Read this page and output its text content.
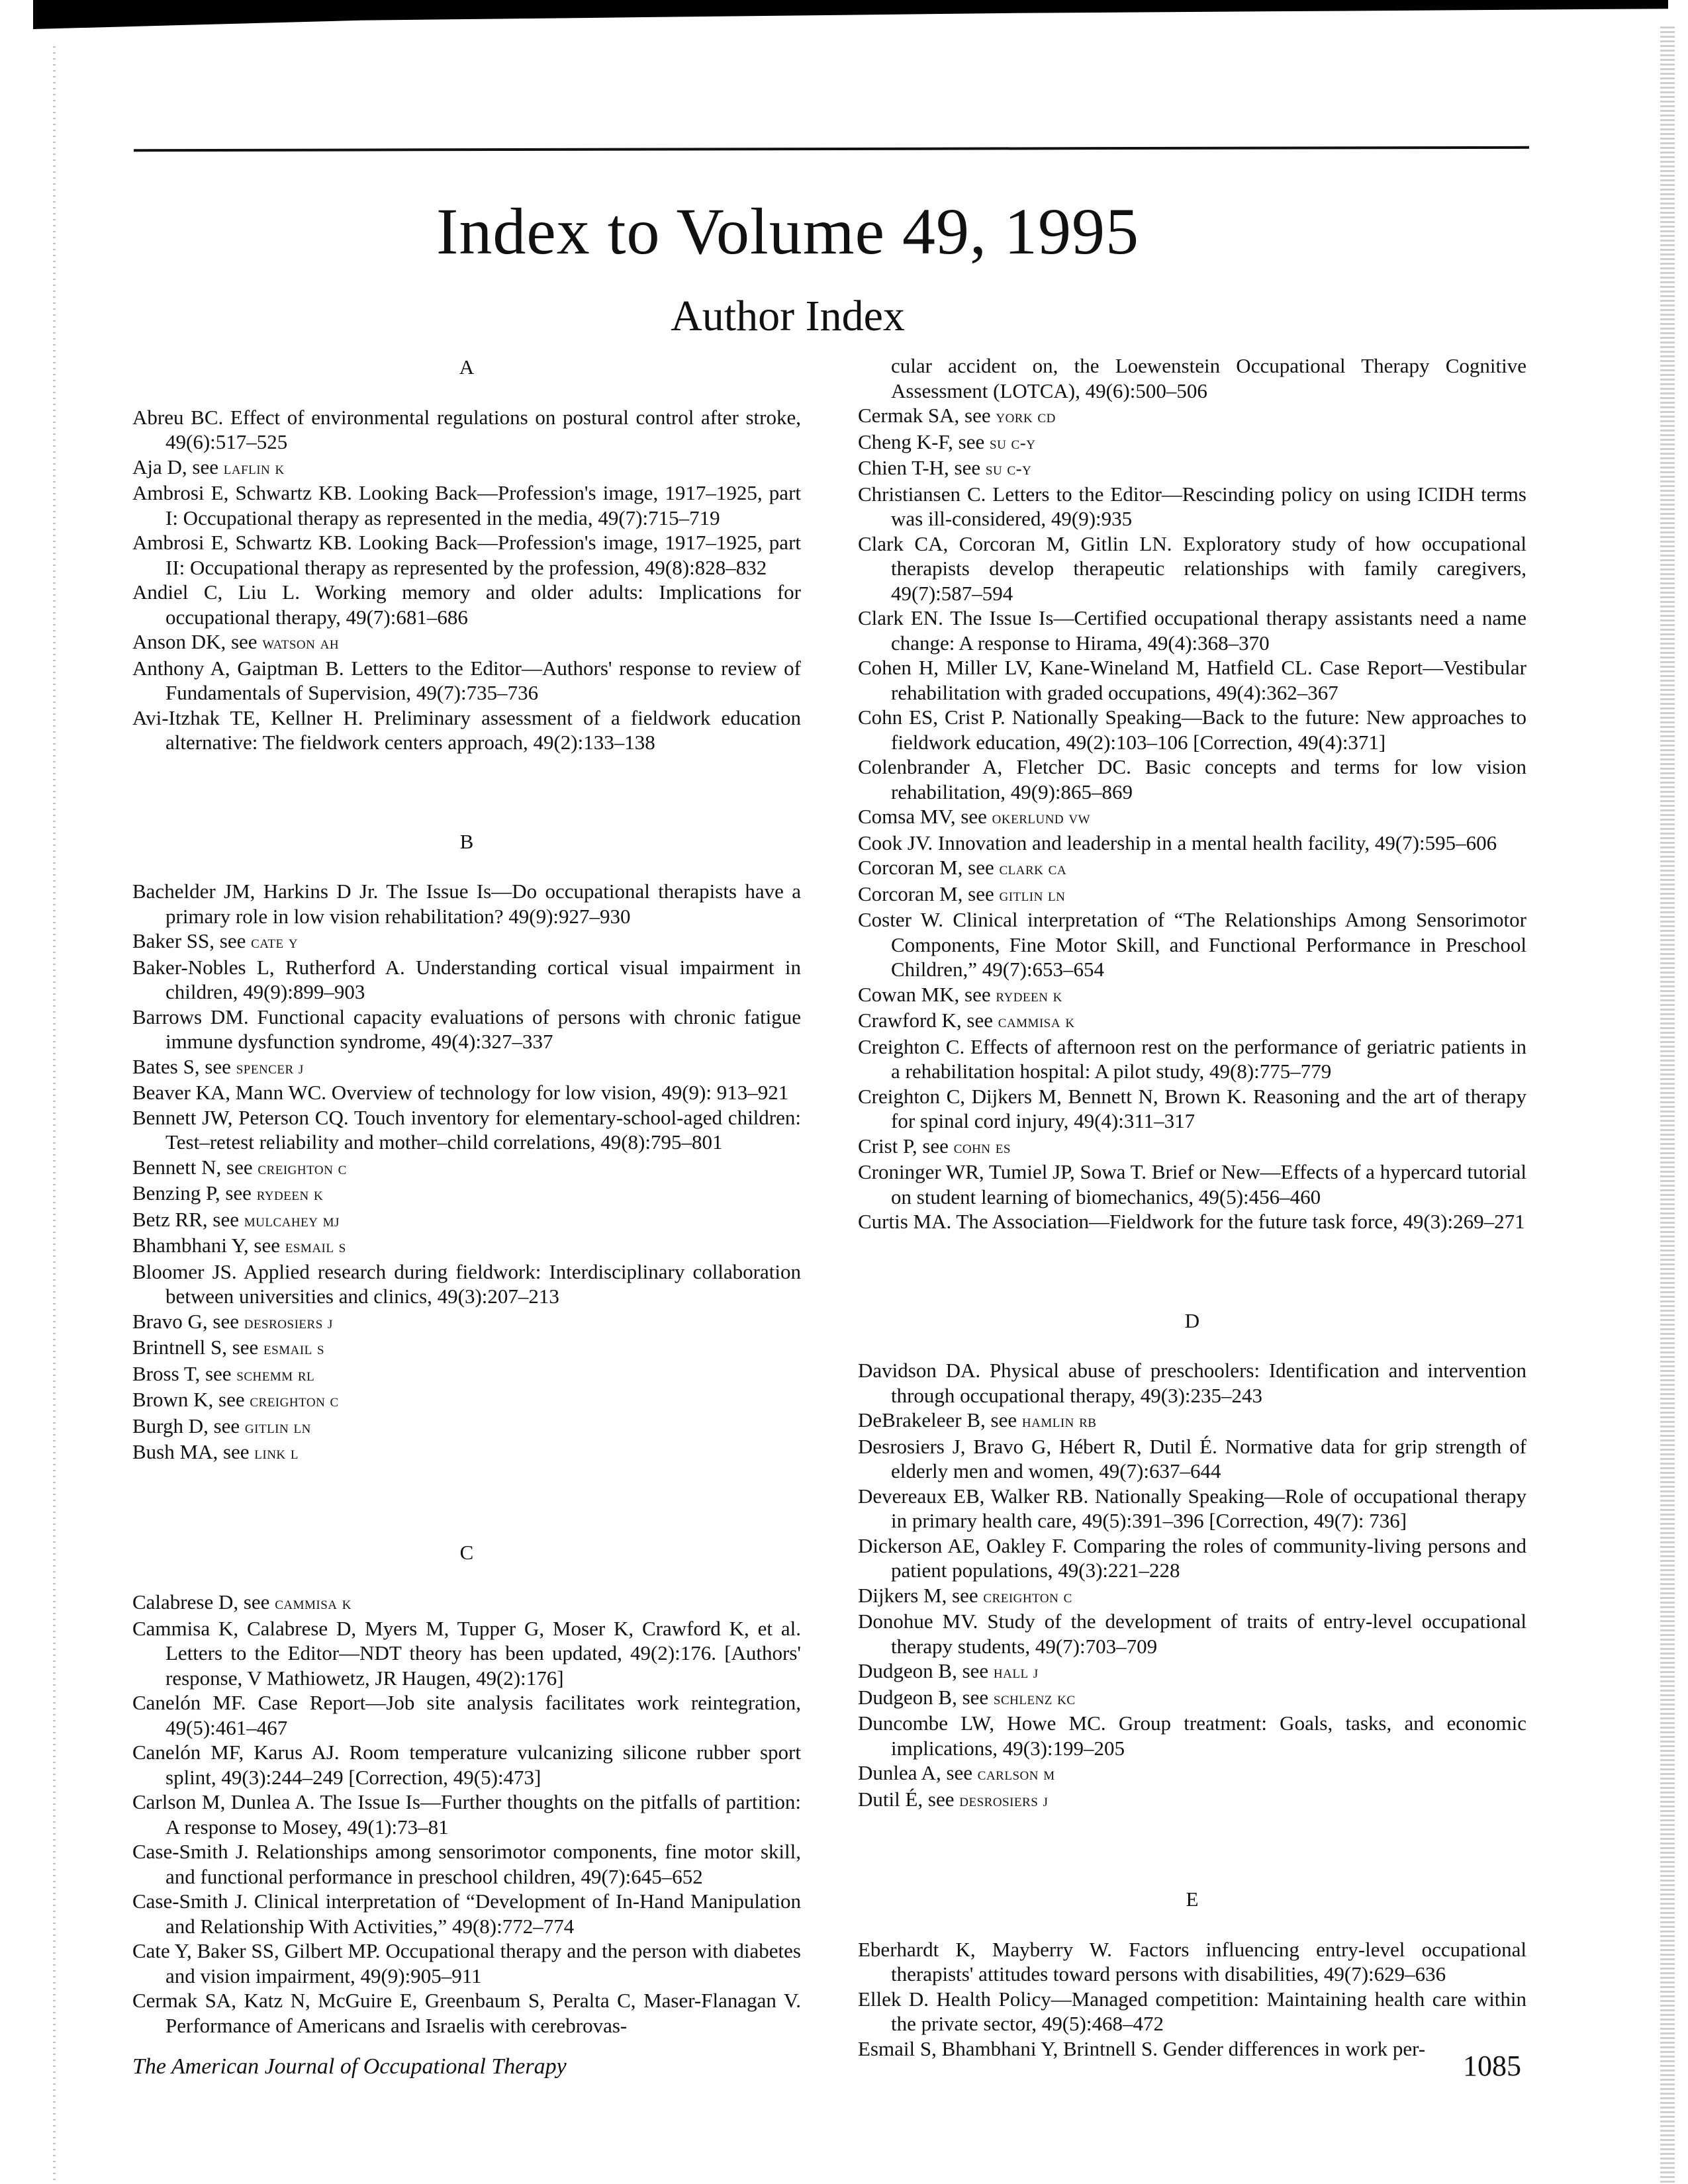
Index to Volume 49, 1995
Author Index

A

Abreu BC. Effect of environmental regulations on postural control after stroke, 49(6):517–525

Aja D, see laflin k

Ambrosi E, Schwartz KB. Looking Back—Profession's image, 1917–1925, part I: Occupational therapy as represented in the media, 49(7):715–719

Ambrosi E, Schwartz KB. Looking Back—Profession's image, 1917–1925, part II: Occupational therapy as represented by the profession, 49(8):828–832

Andiel C, Liu L. Working memory and older adults: Implications for occupational therapy, 49(7):681–686

Anson DK, see watson ah

Anthony A, Gaiptman B. Letters to the Editor—Authors' response to review of Fundamentals of Supervision, 49(7):735–736

Avi-Itzhak TE, Kellner H. Preliminary assessment of a fieldwork education alternative: The fieldwork centers approach, 49(2):133–138

B

Bachelder JM, Harkins D Jr. The Issue Is—Do occupational therapists have a primary role in low vision rehabilitation? 49(9):927–930

Baker SS, see cate y

Baker-Nobles L, Rutherford A. Understanding cortical visual impairment in children, 49(9):899–903

Barrows DM. Functional capacity evaluations of persons with chronic fatigue immune dysfunction syndrome, 49(4):327–337

Bates S, see spencer j

Beaver KA, Mann WC. Overview of technology for low vision, 49(9): 913–921

Bennett JW, Peterson CQ. Touch inventory for elementary-school-aged children: Test–retest reliability and mother–child correlations, 49(8):795–801

Bennett N, see creighton c

Benzing P, see rydeen k

Betz RR, see mulcahey mj

Bhambhani Y, see esmail s

Bloomer JS. Applied research during fieldwork: Interdisciplinary collaboration between universities and clinics, 49(3):207–213

Bravo G, see desrosiers j

Brintnell S, see esmail s

Bross T, see schemm rl

Brown K, see creighton c

Burgh D, see gitlin ln

Bush MA, see link l

C

Calabrese D, see cammisa k

Cammisa K, Calabrese D, Myers M, Tupper G, Moser K, Crawford K, et al. Letters to the Editor—NDT theory has been updated, 49(2):176. [Authors' response, V Mathiowetz, JR Haugen, 49(2):176]

Canelón MF. Case Report—Job site analysis facilitates work reintegration, 49(5):461–467

Canelón MF, Karus AJ. Room temperature vulcanizing silicone rubber sport splint, 49(3):244–249 [Correction, 49(5):473]

Carlson M, Dunlea A. The Issue Is—Further thoughts on the pitfalls of partition: A response to Mosey, 49(1):73–81

Case-Smith J. Relationships among sensorimotor components, fine motor skill, and functional performance in preschool children, 49(7):645–652

Case-Smith J. Clinical interpretation of “Development of In-Hand Manipulation and Relationship With Activities,” 49(8):772–774

Cate Y, Baker SS, Gilbert MP. Occupational therapy and the person with diabetes and vision impairment, 49(9):905–911

Cermak SA, Katz N, McGuire E, Greenbaum S, Peralta C, Maser-Flanagan V. Performance of Americans and Israelis with cerebrovas-

cular accident on, the Loewenstein Occupational Therapy Cognitive Assessment (LOTCA), 49(6):500–506

Cermak SA, see york cd

Cheng K-F, see su c-y

Chien T-H, see su c-y

Christiansen C. Letters to the Editor—Rescinding policy on using ICIDH terms was ill-considered, 49(9):935

Clark CA, Corcoran M, Gitlin LN. Exploratory study of how occupational therapists develop therapeutic relationships with family caregivers, 49(7):587–594

Clark EN. The Issue Is—Certified occupational therapy assistants need a name change: A response to Hirama, 49(4):368–370

Cohen H, Miller LV, Kane-Wineland M, Hatfield CL. Case Report—Vestibular rehabilitation with graded occupations, 49(4):362–367

Cohn ES, Crist P. Nationally Speaking—Back to the future: New approaches to fieldwork education, 49(2):103–106 [Correction, 49(4):371]

Colenbrander A, Fletcher DC. Basic concepts and terms for low vision rehabilitation, 49(9):865–869

Comsa MV, see okerlund vw

Cook JV. Innovation and leadership in a mental health facility, 49(7):595–606

Corcoran M, see clark ca

Corcoran M, see gitlin ln

Coster W. Clinical interpretation of “The Relationships Among Sensorimotor Components, Fine Motor Skill, and Functional Performance in Preschool Children,” 49(7):653–654

Cowan MK, see rydeen k

Crawford K, see cammisa k

Creighton C. Effects of afternoon rest on the performance of geriatric patients in a rehabilitation hospital: A pilot study, 49(8):775–779

Creighton C, Dijkers M, Bennett N, Brown K. Reasoning and the art of therapy for spinal cord injury, 49(4):311–317

Crist P, see cohn es

Croninger WR, Tumiel JP, Sowa T. Brief or New—Effects of a hypercard tutorial on student learning of biomechanics, 49(5):456–460

Curtis MA. The Association—Fieldwork for the future task force, 49(3):269–271

D

Davidson DA. Physical abuse of preschoolers: Identification and intervention through occupational therapy, 49(3):235–243

DeBrakeleer B, see hamlin rb

Desrosiers J, Bravo G, Hébert R, Dutil É. Normative data for grip strength of elderly men and women, 49(7):637–644

Devereaux EB, Walker RB. Nationally Speaking—Role of occupational therapy in primary health care, 49(5):391–396 [Correction, 49(7): 736]

Dickerson AE, Oakley F. Comparing the roles of community-living persons and patient populations, 49(3):221–228

Dijkers M, see creighton c

Donohue MV. Study of the development of traits of entry-level occupational therapy students, 49(7):703–709

Dudgeon B, see hall j

Dudgeon B, see schlenz kc

Duncombe LW, Howe MC. Group treatment: Goals, tasks, and economic implications, 49(3):199–205

Dunlea A, see carlson m

Dutil É, see desrosiers j

E

Eberhardt K, Mayberry W. Factors influencing entry-level occupational therapists' attitudes toward persons with disabilities, 49(7):629–636

Ellek D. Health Policy—Managed competition: Maintaining health care within the private sector, 49(5):468–472

Esmail S, Bhambhani Y, Brintnell S. Gender differences in work per-

The American Journal of Occupational Therapy	1085
